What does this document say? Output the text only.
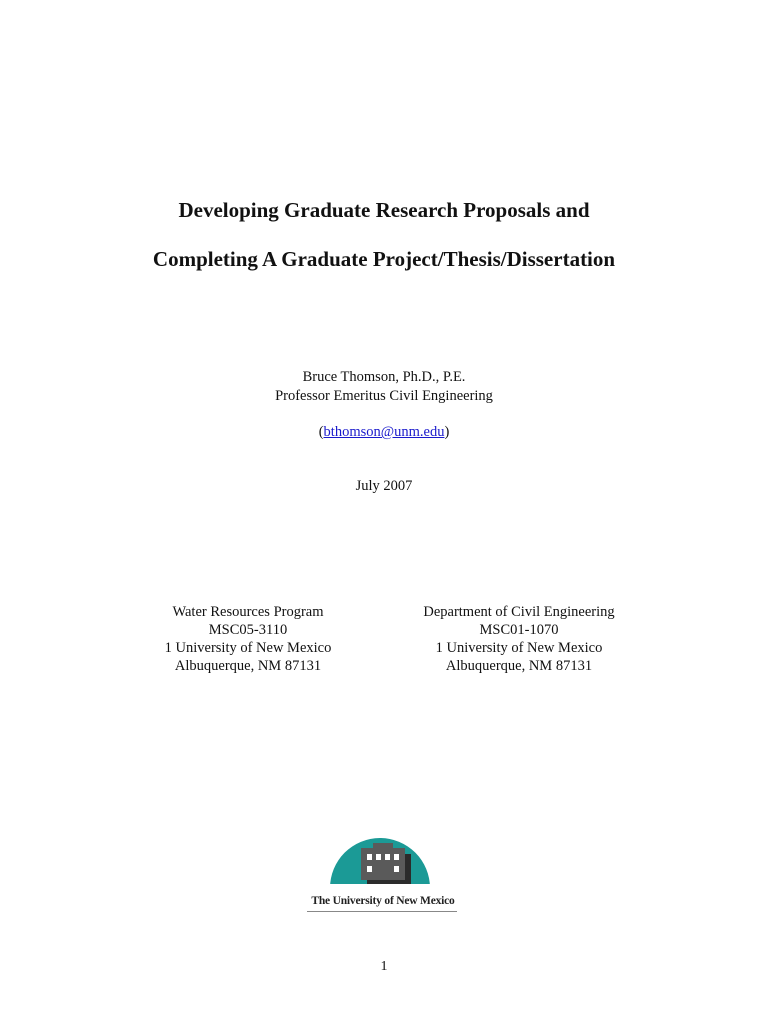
Developing Graduate Research Proposals and
Completing A Graduate Project/Thesis/Dissertation
Bruce Thomson, Ph.D., P.E.
Professor Emeritus Civil Engineering
(bthomson@unm.edu)
July 2007
Water Resources Program
MSC05-3110
1 University of New Mexico
Albuquerque, NM 87131
Department of Civil Engineering
MSC01-1070
1 University of New Mexico
Albuquerque, NM 87131
The University of New Mexico
1
